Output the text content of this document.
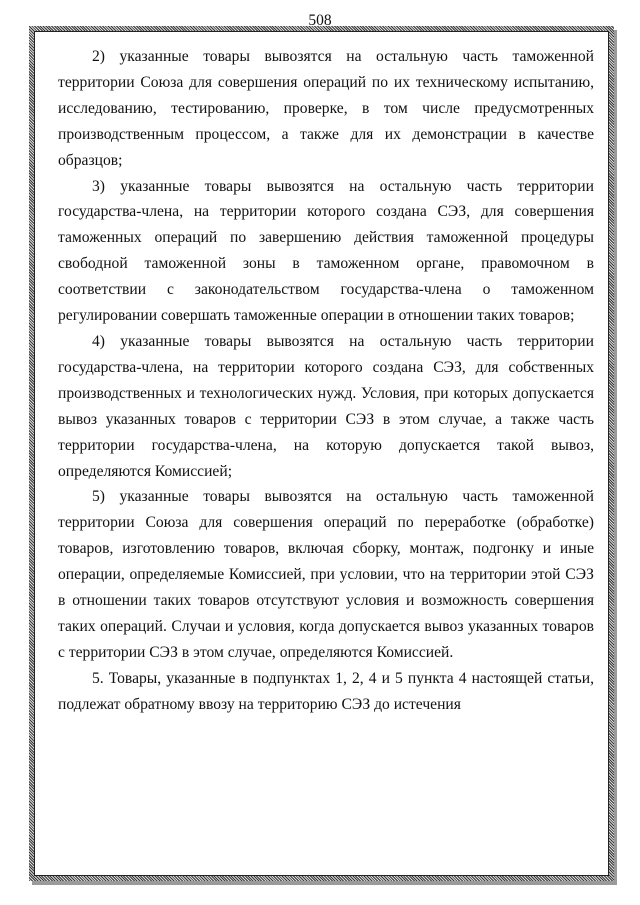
508

2) указанные товары вывозятся на остальную часть таможенной территории Союза для совершения операций по их техническому испытанию, исследованию, тестированию, проверке, в том числе предусмотренных производственным процессом, а также для их демонстрации в качестве образцов;

3) указанные товары вывозятся на остальную часть территории государства-члена, на территории которого создана СЭЗ, для совершения таможенных операций по завершению действия таможенной процедуры свободной таможенной зоны в таможенном органе, правомочном в соответствии с законодательством государства-члена о таможенном регулировании совершать таможенные операции в отношении таких товаров;

4) указанные товары вывозятся на остальную часть территории государства-члена, на территории которого создана СЭЗ, для собственных производственных и технологических нужд. Условия, при которых допускается вывоз указанных товаров с территории СЭЗ в этом случае, а также часть территории государства-члена, на которую допускается такой вывоз, определяются Комиссией;

5) указанные товары вывозятся на остальную часть таможенной территории Союза для совершения операций по переработке (обработке) товаров, изготовлению товаров, включая сборку, монтаж, подгонку и иные операции, определяемые Комиссией, при условии, что на территории этой СЭЗ в отношении таких товаров отсутствуют условия и возможность совершения таких операций. Случаи и условия, когда допускается вывоз указанных товаров с территории СЭЗ в этом случае, определяются Комиссией.

5. Товары, указанные в подпунктах 1, 2, 4 и 5 пункта 4 настоящей статьи, подлежат обратному ввозу на территорию СЭЗ до истечения
